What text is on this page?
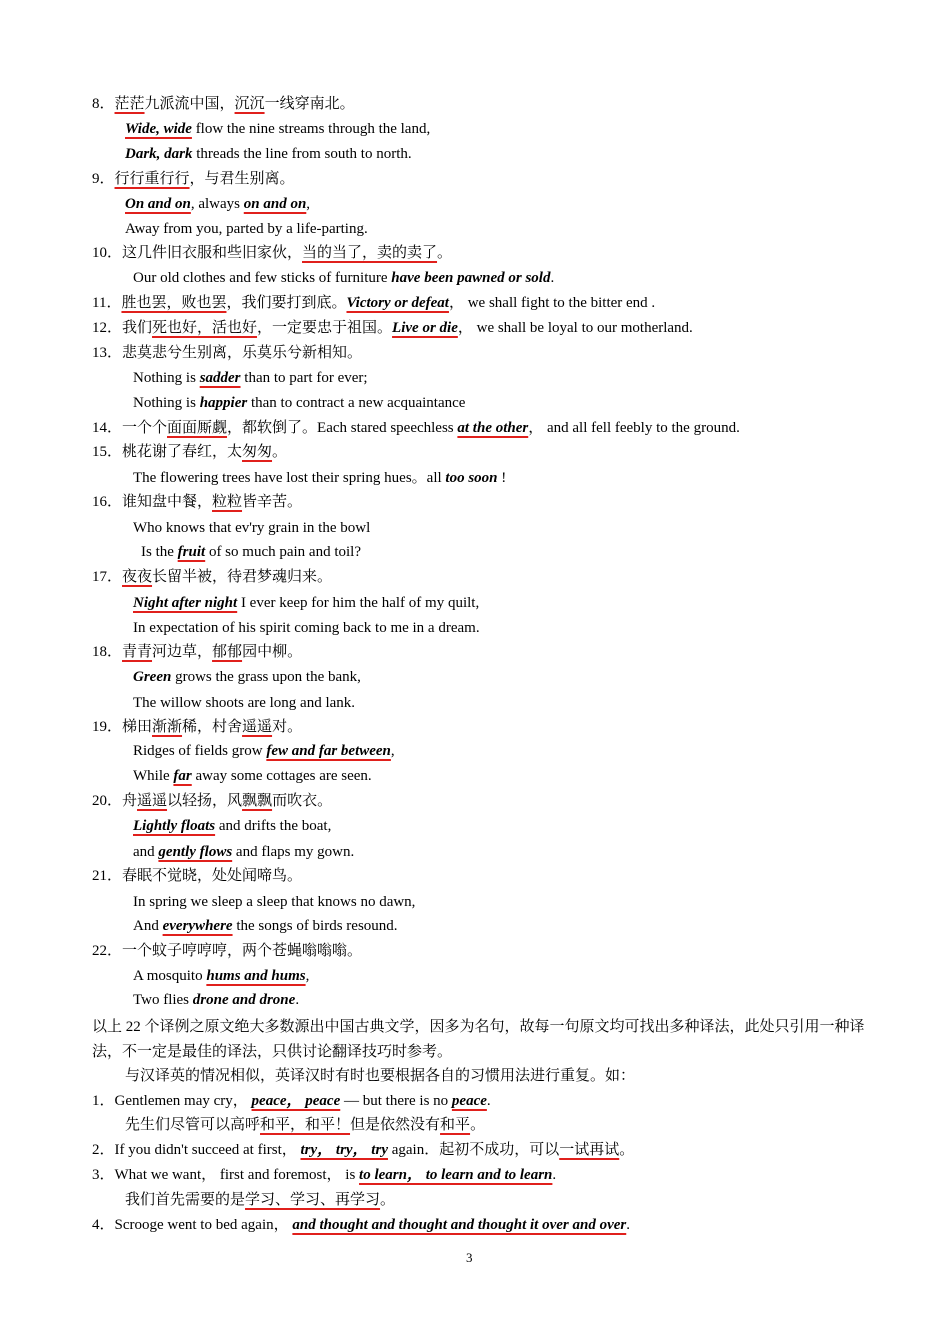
8．茫茫九派流中国，沉沉一线穿南北。
Wide, wide flow the nine streams through the land,
Dark, dark threads the line from south to north.
9．行行重行行，与君生别离。
On and on, always on and on,
Away from you, parted by a life-parting.
10．这几件旧衣服和些旧家伙，当的当了，卖的卖了。
Our old clothes and few sticks of furniture have been pawned or sold.
11．胜也罢，败也罢，我们要打到底。Victory or defeat， we shall fight to the bitter end .
12．我们死也好，活也好，一定要忠于祖国。Live or die， we shall be loyal to our motherland.
13．悲莫悲兮生别离，乐莫乐兮新相知。
Nothing is sadder than to part for ever;
Nothing is happier than to contract a new acquaintance
14．一个个面面厮觑，都软倒了。Each stared speechless at the other， and all fell feebly to the ground.
15．桃花谢了春红，太匆匆。
The flowering trees have lost their spring hues。all too soon !
16．谁知盘中餐，粒粒皆辛苦。
Who knows that ev'ry grain in the bowl
Is the fruit of so much pain and toil?
17．夜夜长留半被，待君梦魂归来。
Night after night I ever keep for him the half of my quilt,
In expectation of his spirit coming back to me in a dream.
18．青青河边草，郁郁园中柳。
Green grows the grass upon the bank,
The willow shoots are long and lank.
19．梯田渐渐稀，村舍遥遥对。
Ridges of fields grow few and far between,
While far away some cottages are seen.
20．舟遥遥以轻扬，风飘飘而吹衣。
Lightly floats and drifts the boat,
and gently flows and flaps my gown.
21．春眠不觉晓，处处闻啼鸟。
In spring we sleep a sleep that knows no dawn,
And everywhere the songs of birds resound.
22．一个蚊子哼哼哼，两个苍蝇嗡嗡嗡。
A mosquito hums and hums,
Two flies drone and drone.
以上 22 个译例之原文绝大多数源出中国古典文学，因多为名句，故每一句原文均可找出多种译法，此处只引用一种译法，不一定是最佳的译法，只供讨论翻译技巧时参考。
与汉译英的情况相似，英译汉时有时也要根据各自的习惯用法进行重复。如：
1．Gentlemen may cry， peace， peace — but there is no peace.
先生们尽管可以高呼和平，和平！但是依然没有和平。
2．If you didn't succeed at first， try， try， try again．起初不成功，可以一试再试。
3．What we want， first and foremost， is to learn， to learn and to learn.
我们首先需要的是学习、学习、再学习。
4．Scrooge went to bed again， and thought and thought and thought it over and over.
3
